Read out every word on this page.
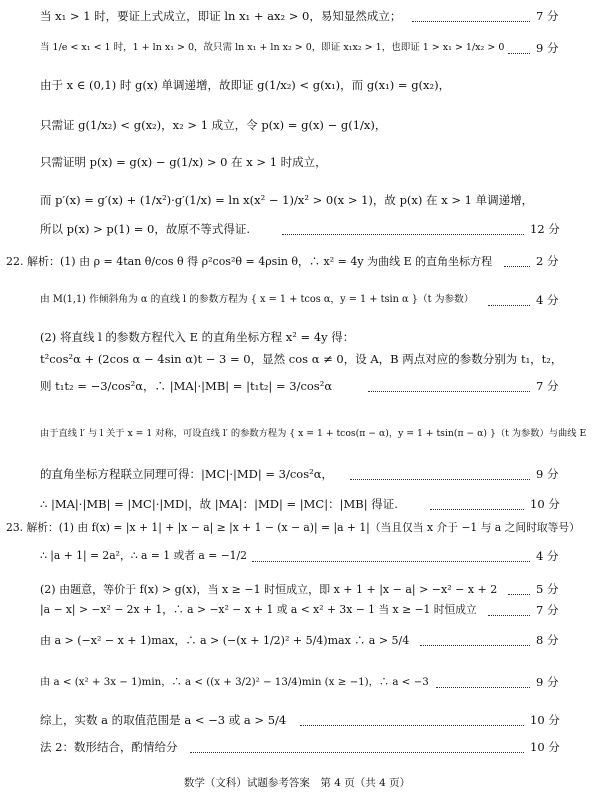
当 x₁ > 1 时，要证上式成立，即证 ln x₁ + ax₂ > 0，易知显然成立；	7 分
当 1/e < x₁ < 1 时，1 + ln x₁ > 0，故只需 ln x₁ + ln x₂ > 0，即证 x₁x₂ > 1，也即证 1 > x₁ > 1/x₂ > 0	9 分
由于 x ∈ (0,1) 时 g(x) 单调递增，故即证 g(1/x₂) < g(x₁)，而 g(x₁) = g(x₂)，
只需证 g(1/x₂) < g(x₂)，x₂ > 1 成立，令 p(x) = g(x) − g(1/x)，
只需证明 p(x) = g(x) − g(1/x) > 0 在 x > 1 时成立，
而 p′(x) = g′(x) + (1/x²)·g′(1/x) = ln x(x² − 1)/x² > 0(x > 1)，故 p(x) 在 x > 1 单调递增，
所以 p(x) > p(1) = 0，故原不等式得证.	12 分
22. 解析：(1) 由 ρ = 4tan θ/cos θ 得 ρ²cos²θ = 4ρsin θ，∴ x² = 4y 为曲线 E 的直角坐标方程	2 分
由 M(1,1) 作倾斜角为 α 的直线 l 的参数方程为 { x = 1 + tcos α，y = 1 + tsin α }（t 为参数）	4 分
(2) 将直线 l 的参数方程代入 E 的直角坐标方程 x² = 4y 得：
t²cos²α + (2cos α − 4sin α)t − 3 = 0，显然 cos α ≠ 0，设 A，B 两点对应的参数分别为 t₁，t₂，
则 t₁t₂ = −3/cos²α，∴ |MA|·|MB| = |t₁t₂| = 3/cos²α	7 分
由于直线 l′ 与 l 关于 x = 1 对称，可设直线 l′ 的参数方程为 { x = 1 + tcos(π − α)，y = 1 + tsin(π − α) }（t 为参数）与曲线 E
的直角坐标方程联立同理可得：|MC|·|MD| = 3/cos²α，	9 分
∴ |MA|·|MB| = |MC|·|MD|，故 |MA|：|MD| = |MC|：|MB| 得证.	10 分
23. 解析：(1) 由 f(x) = |x + 1| + |x − a| ≥ |x + 1 − (x − a)| = |a + 1|（当且仅当 x 介于 −1 与 a 之间时取等号）
∴ |a + 1| = 2a²，∴ a = 1 或者 a = −1/2	4 分
(2) 由题意，等价于 f(x) > g(x)，当 x ≥ −1 时恒成立，即 x + 1 + |x − a| > −x² − x + 2	5 分
|a − x| > −x² − 2x + 1，∴ a > −x² − x + 1 或 a < x² + 3x − 1 当 x ≥ −1 时恒成立	7 分
由 a > (−x² − x + 1)max，∴ a > (−(x + 1/2)² + 5/4)max ∴ a > 5/4	8 分
由 a < (x² + 3x − 1)min，∴ a < ((x + 3/2)² − 13/4)min (x ≥ −1)，∴ a < −3	9 分
综上，实数 a 的取值范围是 a < −3 或 a > 5/4	10 分
法 2：数形结合，酌情给分	10 分
数学（文科）试题参考答案　第 4 页（共 4 页）
